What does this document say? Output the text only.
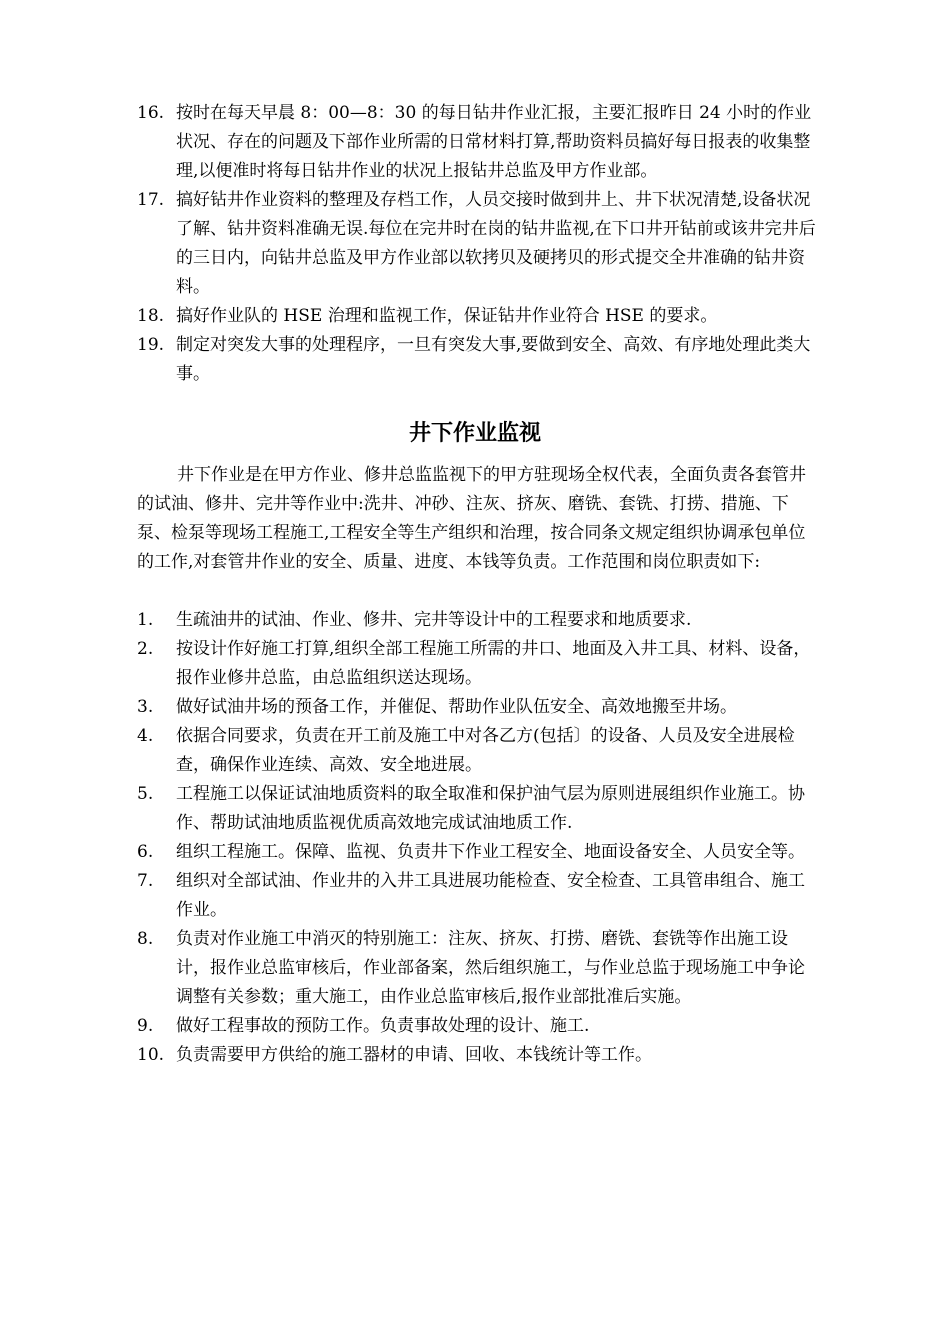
16. 按时在每天早晨 8：00—8：30 的每日钻井作业汇报，主要汇报昨日 24 小时的作业状况、存在的问题及下部作业所需的日常材料打算,帮助资料员搞好每日报表的收集整理,以便准时将每日钻井作业的状况上报钻井总监及甲方作业部。
17. 搞好钻井作业资料的整理及存档工作，人员交接时做到井上、井下状况清楚,设备状况了解、钻井资料准确无误.每位在完井时在岗的钻井监视,在下口井开钻前或该井完井后的三日内，向钻井总监及甲方作业部以软拷贝及硬拷贝的形式提交全井准确的钻井资料。
18. 搞好作业队的 HSE 治理和监视工作，保证钻井作业符合 HSE 的要求。
19. 制定对突发大事的处理程序，一旦有突发大事,要做到安全、高效、有序地处理此类大事。
井下作业监视

井下作业是在甲方作业、修井总监监视下的甲方驻现场全权代表，全面负责各套管井的试油、修井、完井等作业中:洗井、冲砂、注灰、挤灰、磨铣、套铣、打捞、措施、下泵、检泵等现场工程施工,工程安全等生产组织和治理，按合同条文规定组织协调承包单位的工作,对套管井作业的安全、质量、进度、本钱等负责。工作范围和岗位职责如下:

1.	生疏油井的试油、作业、修井、完井等设计中的工程要求和地质要求.
2.	按设计作好施工打算,组织全部工程施工所需的井口、地面及入井工具、材料、设备，报作业修井总监，由总监组织送达现场。
3.	做好试油井场的预备工作，并催促、帮助作业队伍安全、高效地搬至井场。
4.	依据合同要求，负责在开工前及施工中对各乙方(包括〕的设备、人员及安全进展检查，确保作业连续、高效、安全地进展。
5.	工程施工以保证试油地质资料的取全取准和保护油气层为原则进展组织作业施工。协作、帮助试油地质监视优质高效地完成试油地质工作.
6.	组织工程施工。保障、监视、负责井下作业工程安全、地面设备安全、人员安全等。
7.	组织对全部试油、作业井的入井工具进展功能检查、安全检查、工具管串组合、施工作业。
8.	负责对作业施工中消灭的特别施工：注灰、挤灰、打捞、磨铣、套铣等作出施工设计，报作业总监审核后，作业部备案，然后组织施工，与作业总监于现场施工中争论调整有关参数；重大施工，由作业总监审核后,报作业部批准后实施。
9.	做好工程事故的预防工作。负责事故处理的设计、施工.
10. 负责需要甲方供给的施工器材的申请、回收、本钱统计等工作。
